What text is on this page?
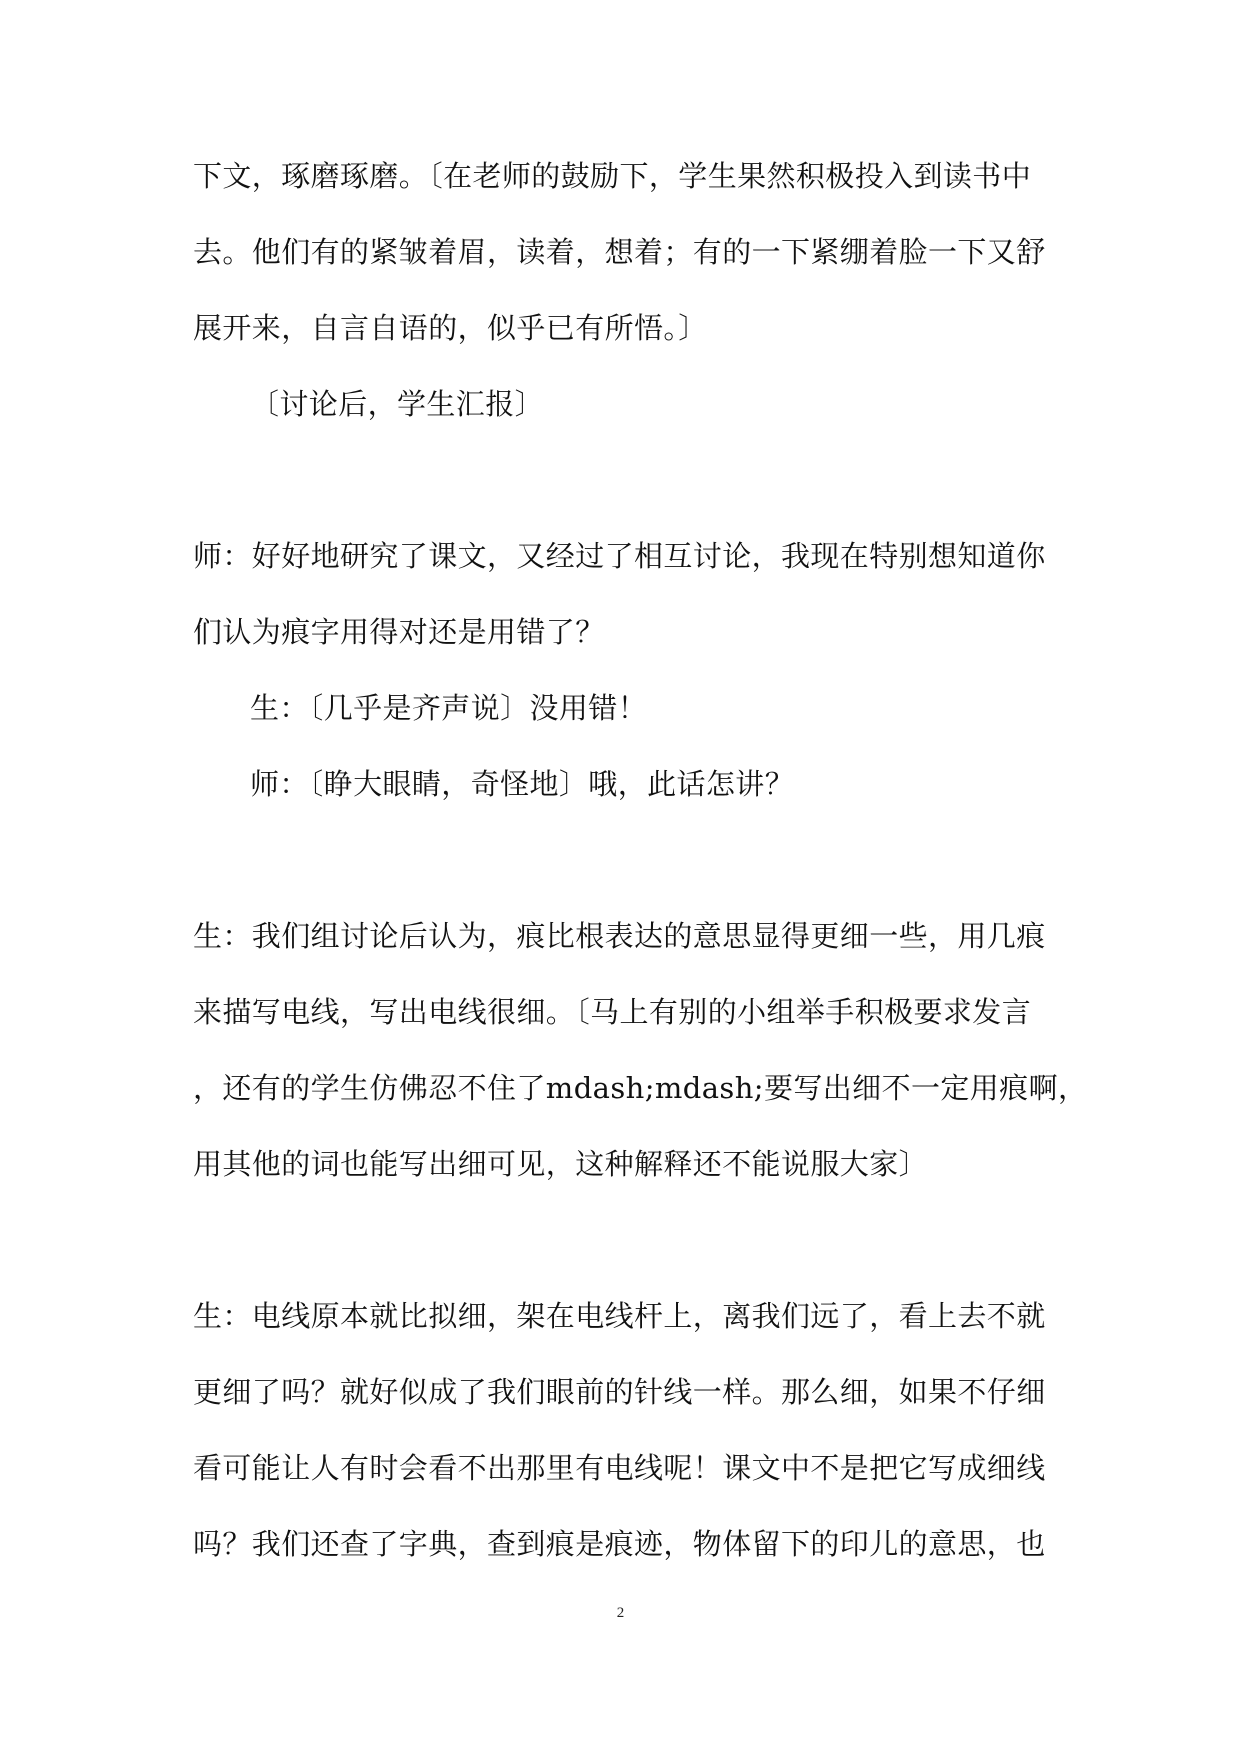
下文，琢磨琢磨。〔在老师的鼓励下，学生果然积极投入到读书中
去。他们有的紧皱着眉，读着，想着；有的一下紧绷着脸一下又舒
展开来，自言自语的，似乎已有所悟。〕
〔讨论后，学生汇报〕
师：好好地研究了课文，又经过了相互讨论，我现在特别想知道你
们认为痕字用得对还是用错了？
生：〔几乎是齐声说〕没用错！
师：〔睁大眼睛，奇怪地〕哦，此话怎讲？
生：我们组讨论后认为，痕比根表达的意思显得更细一些，用几痕
来描写电线，写出电线很细。〔马上有别的小组举手积极要求发言
，还有的学生仿佛忍不住了mdash;mdash;要写出细不一定用痕啊，
用其他的词也能写出细可见，这种解释还不能说服大家〕
生：电线原本就比拟细，架在电线杆上，离我们远了，看上去不就
更细了吗？就好似成了我们眼前的针线一样。那么细，如果不仔细
看可能让人有时会看不出那里有电线呢！课文中不是把它写成细线
吗？我们还查了字典，查到痕是痕迹，物体留下的印儿的意思，也
2
